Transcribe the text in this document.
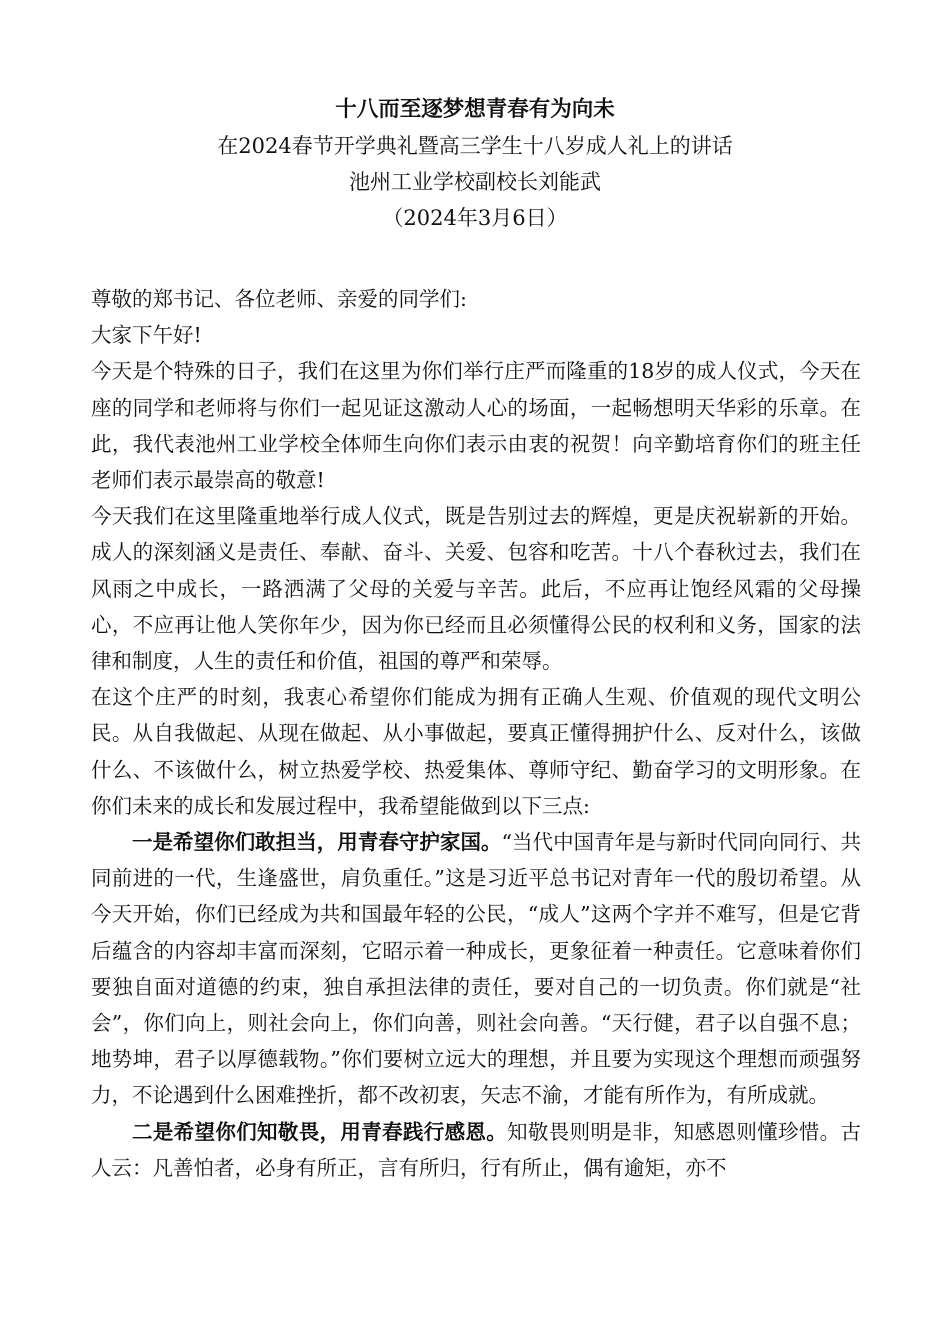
十八而至逐梦想青春有为向未
在2024春节开学典礼暨高三学生十八岁成人礼上的讲话
池州工业学校副校长刘能武
（2024年3月6日）

尊敬的郑书记、各位老师、亲爱的同学们:

大家下午好!

今天是个特殊的日子，我们在这里为你们举行庄严而隆重的18岁的成人仪式，今天在座的同学和老师将与你们一起见证这激动人心的场面，一起畅想明天华彩的乐章。在此，我代表池州工业学校全体师生向你们表示由衷的祝贺！向辛勤培育你们的班主任老师们表示最崇高的敬意!

今天我们在这里隆重地举行成人仪式，既是告别过去的辉煌，更是庆祝崭新的开始。成人的深刻涵义是责任、奉献、奋斗、关爱、包容和吃苦。十八个春秋过去，我们在风雨之中成长，一路洒满了父母的关爱与辛苦。此后，不应再让饱经风霜的父母操心，不应再让他人笑你年少，因为你已经而且必须懂得公民的权利和义务，国家的法律和制度，人生的责任和价值，祖国的尊严和荣辱。

在这个庄严的时刻，我衷心希望你们能成为拥有正确人生观、价值观的现代文明公民。从自我做起、从现在做起、从小事做起，要真正懂得拥护什么、反对什么，该做什么、不该做什么，树立热爱学校、热爱集体、尊师守纪、勤奋学习的文明形象。在你们未来的成长和发展过程中，我希望能做到以下三点:

一是希望你们敢担当，用青春守护家国。“当代中国青年是与新时代同向同行、共同前进的一代，生逢盛世，肩负重任。”这是习近平总书记对青年一代的殷切希望。从今天开始，你们已经成为共和国最年轻的公民，“成人”这两个字并不难写，但是它背后蕴含的内容却丰富而深刻，它昭示着一种成长，更象征着一种责任。它意味着你们要独自面对道德的约束，独自承担法律的责任，要对自己的一切负责。你们就是“社会”，你们向上，则社会向上，你们向善，则社会向善。“天行健，君子以自强不息；地势坤，君子以厚德载物。”你们要树立远大的理想，并且要为实现这个理想而顽强努力，不论遇到什么困难挫折，都不改初衷，矢志不渝，才能有所作为，有所成就。

二是希望你们知敬畏，用青春践行感恩。知敬畏则明是非，知感恩则懂珍惜。古人云：凡善怕者，必身有所正，言有所归，行有所止，偶有逾矩，亦不
